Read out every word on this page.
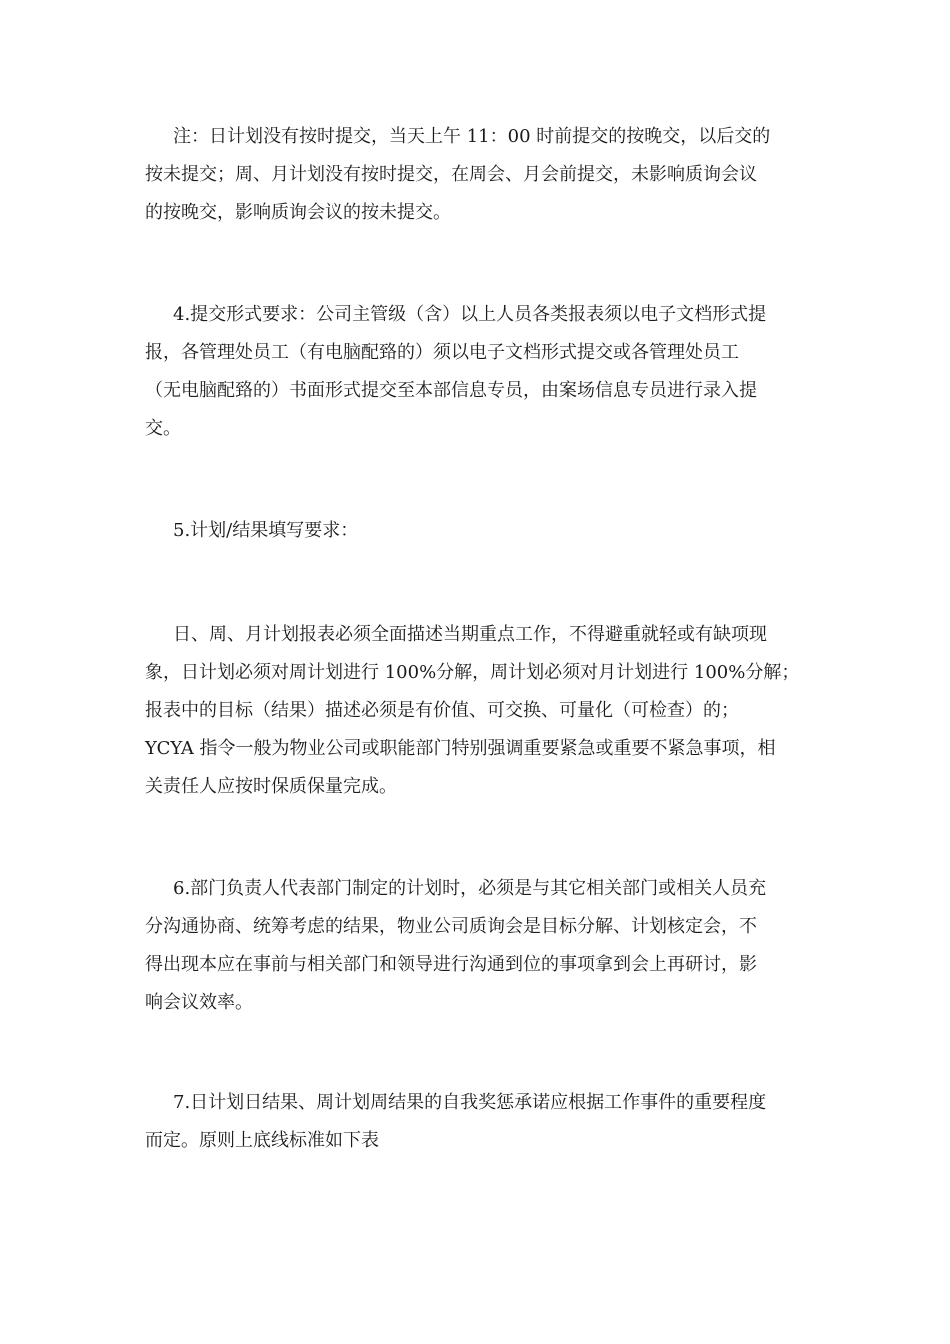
注：日计划没有按时提交，当天上午 11：00 时前提交的按晚交，以后交的
按未提交；周、月计划没有按时提交，在周会、月会前提交，未影响质询会议
的按晚交，影响质询会议的按未提交。

4.提交形式要求：公司主管级（含）以上人员各类报表须以电子文档形式提
报，各管理处员工（有电脑配臵的）须以电子文档形式提交或各管理处员工
（无电脑配臵的）书面形式提交至本部信息专员，由案场信息专员进行录入提
交。

5.计划/结果填写要求：

日、周、月计划报表必须全面描述当期重点工作，不得避重就轻或有缺项现
象，日计划必须对周计划进行 100%分解，周计划必须对月计划进行 100%分解；
报表中的目标（结果）描述必须是有价值、可交换、可量化（可检查）的；
YCYA 指令一般为物业公司或职能部门特别强调重要紧急或重要不紧急事项，相
关责任人应按时保质保量完成。

6.部门负责人代表部门制定的计划时，必须是与其它相关部门或相关人员充
分沟通协商、统筹考虑的结果，物业公司质询会是目标分解、计划核定会，不
得出现本应在事前与相关部门和领导进行沟通到位的事项拿到会上再研讨，影
响会议效率。

7.日计划日结果、周计划周结果的自我奖惩承诺应根据工作事件的重要程度
而定。原则上底线标准如下表
